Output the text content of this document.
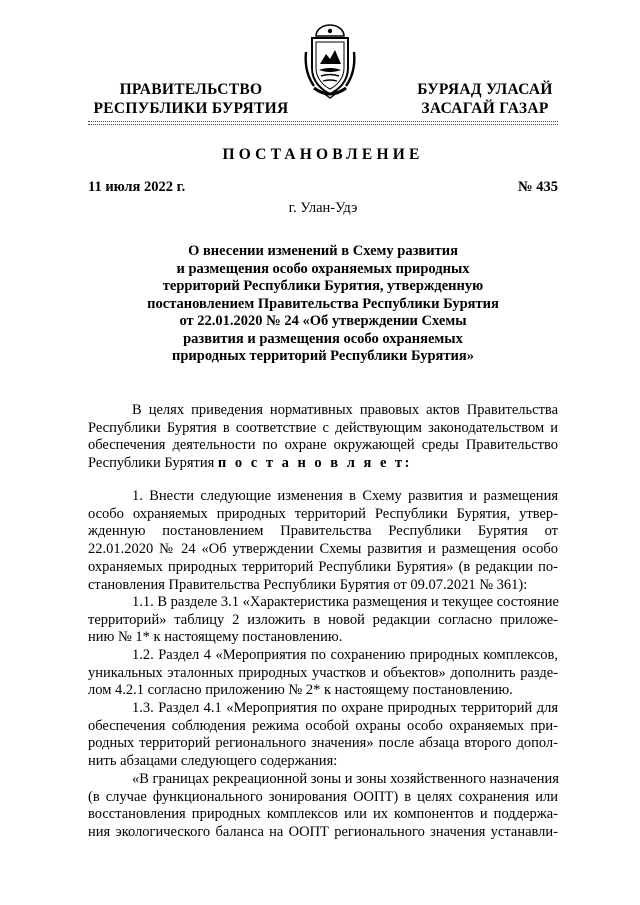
ПРАВИТЕЛЬСТВО
РЕСПУБЛИКИ БУРЯТИЯ
БУРЯАД УЛАСАЙ
ЗАСАГАЙ ГАЗАР
ПОСТАНОВЛЕНИЕ
11 июля 2022 г.	№ 435
г. Улан-Удэ
О внесении изменений в Схему развития
и размещения особо охраняемых природных
территорий Республики Бурятия, утвержденную
постановлением Правительства Республики Бурятия
от 22.01.2020 № 24 «Об утверждении Схемы
развития и размещения особо охраняемых
природных территорий Республики Бурятия»
В целях приведения нормативных правовых актов Правительства
Республики Бурятия в соответствие с действующим законодательством и
обеспечения деятельности по охране окружающей среды Правительство
Республики Бурятия п о с т а н о в л я е т:
1. Внести следующие изменения в Схему развития и размещения
особо охраняемых природных территорий Республики Бурятия, утвер-
жденную постановлением Правительства Республики Бурятия от
22.01.2020 № 24 «Об утверждении Схемы развития и размещения особо
охраняемых природных территорий Республики Бурятия» (в редакции по-
становления Правительства Республики Бурятия от 09.07.2021 № 361):
1.1. В разделе 3.1 «Характеристика размещения и текущее состояние
территорий» таблицу 2 изложить в новой редакции согласно приложе-
нию № 1* к настоящему постановлению.
1.2. Раздел 4 «Мероприятия по сохранению природных комплексов,
уникальных эталонных природных участков и объектов» дополнить разде-
лом 4.2.1 согласно приложению № 2* к настоящему постановлению.
1.3. Раздел 4.1 «Мероприятия по охране природных территорий для
обеспечения соблюдения режима особой охраны особо охраняемых при-
родных территорий регионального значения» после абзаца второго допол-
нить абзацами следующего содержания:
«В границах рекреационной зоны и зоны хозяйственного назначения
(в случае функционального зонирования ООПТ) в целях сохранения или
восстановления природных комплексов или их компонентов и поддержа-
ния экологического баланса на ООПТ регионального значения устанавли-
